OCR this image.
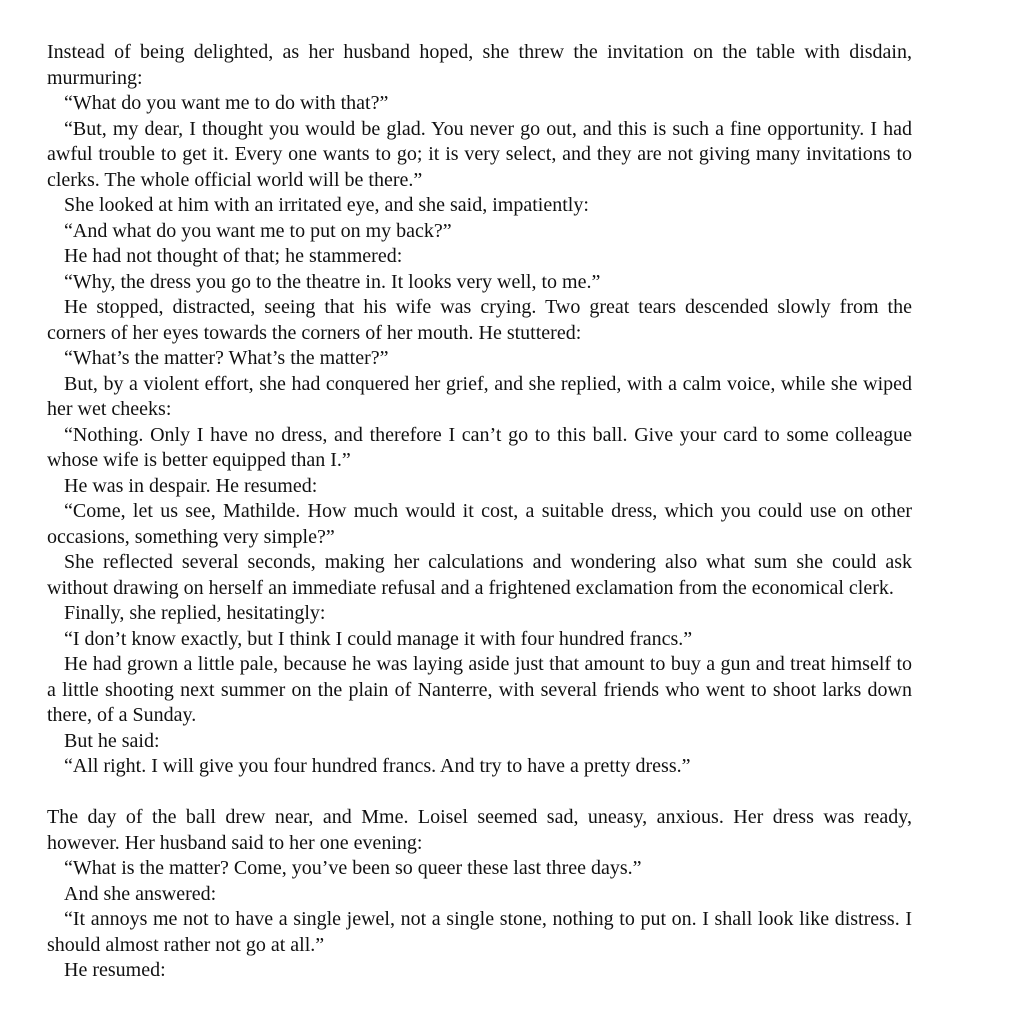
Instead of being delighted, as her husband hoped, she threw the invitation on the table with disdain, murmuring:

“What do you want me to do with that?”

“But, my dear, I thought you would be glad. You never go out, and this is such a fine opportunity. I had awful trouble to get it. Every one wants to go; it is very select, and they are not giving many invitations to clerks. The whole official world will be there.”

She looked at him with an irritated eye, and she said, impatiently:

“And what do you want me to put on my back?”

He had not thought of that; he stammered:

“Why, the dress you go to the theatre in. It looks very well, to me.”

He stopped, distracted, seeing that his wife was crying. Two great tears descended slowly from the corners of her eyes towards the corners of her mouth. He stuttered:

“What’s the matter? What’s the matter?”

But, by a violent effort, she had conquered her grief, and she replied, with a calm voice, while she wiped her wet cheeks:

“Nothing. Only I have no dress, and therefore I can’t go to this ball. Give your card to some colleague whose wife is better equipped than I.”

He was in despair. He resumed:

“Come, let us see, Mathilde. How much would it cost, a suitable dress, which you could use on other occasions, something very simple?”

She reflected several seconds, making her calculations and wondering also what sum she could ask without drawing on herself an immediate refusal and a frightened exclamation from the economical clerk.

Finally, she replied, hesitatingly:

“I don’t know exactly, but I think I could manage it with four hundred francs.”

He had grown a little pale, because he was laying aside just that amount to buy a gun and treat himself to a little shooting next summer on the plain of Nanterre, with several friends who went to shoot larks down there, of a Sunday.

But he said:

“All right. I will give you four hundred francs. And try to have a pretty dress.”

The day of the ball drew near, and Mme. Loisel seemed sad, uneasy, anxious. Her dress was ready, however. Her husband said to her one evening:

“What is the matter? Come, you’ve been so queer these last three days.”

And she answered:

“It annoys me not to have a single jewel, not a single stone, nothing to put on. I shall look like distress. I should almost rather not go at all.”

He resumed:
